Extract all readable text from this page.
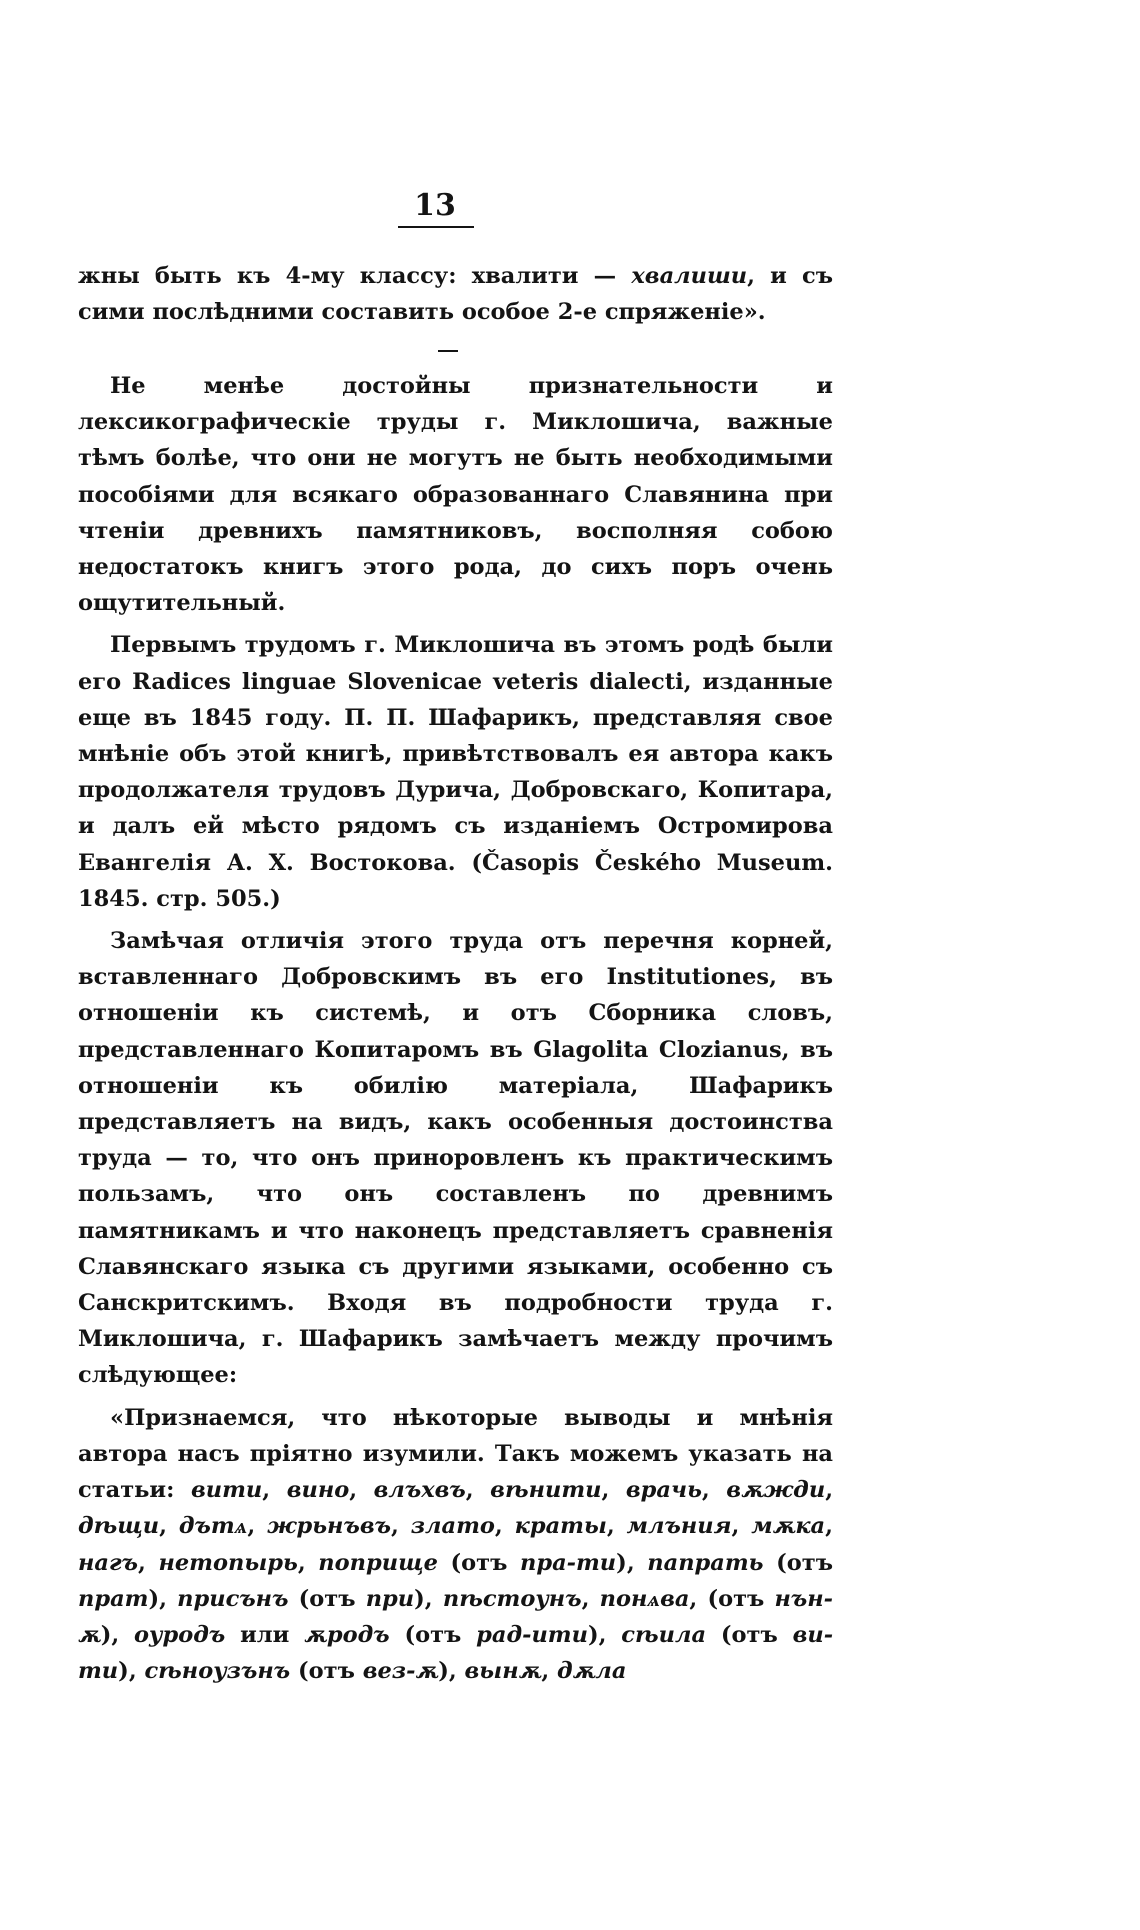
13

жны быть къ 4-му классу: хвалити — хвалиши, и съ сими послѣдними составить особое 2-е спряженіе».

Не менѣе достойны признательности и лексикографическіе труды г. Миклошича, важные тѣмъ болѣе, что они не могутъ не быть необходимыми пособіями для всякаго образованнаго Славянина при чтеніи древнихъ памятниковъ, восполняя собою недостатокъ книгъ этого рода, до сихъ поръ очень ощутительный.

Первымъ трудомъ г. Миклошича въ этомъ родѣ были его Radices linguae Slovenicae veteris dialecti, изданные еще въ 1845 году. П. П. Шафарикъ, представляя свое мнѣніе объ этой книгѣ, привѣтствовалъ ея автора какъ продолжателя трудовъ Дурича, Добровскаго, Копитара, и далъ ей мѣсто рядомъ съ изданіемъ Остромирова Евангелія А. Х. Востокова. (Časopis Českého Museum. 1845. стр. 505.)

Замѣчая отличія этого труда отъ перечня корней, вставленнаго Добровскимъ въ его Institutiones, въ отношеніи къ системѣ, и отъ Сборника словъ, представленнаго Копитаромъ въ Glagolita Clozianus, въ отношеніи къ обилію матеріала, Шафарикъ представляетъ на видъ, какъ особенныя достоинства труда — то, что онъ приноровленъ къ практическимъ пользамъ, что онъ составленъ по древнимъ памятникамъ и что наконецъ представляетъ сравненія Славянскаго языка съ другими языками, особенно съ Санскритскимъ. Входя въ подробности труда г. Миклошича, г. Шафарикъ замѣчаетъ между прочимъ слѣдующее:

«Признаемся, что нѣкоторые выводы и мнѣнія автора насъ пріятно изумили. Такъ можемъ указать на статьи: вити, вино, влъхвъ, вѣнити, врачь, вѫжди, дѣщи, дътѧ, жрьнъвъ, злато, краты, млъния, мѫка, нагъ, нетопырь, поприще (отъ пра-ти), папрать (отъ прат), присънъ (отъ при), пѣстоунъ, понѧва, (отъ нън-ѫ), оуродъ или ѫродъ (отъ рад-ити), сѣила (отъ ви-ти), сѣноузънъ (отъ вез-ѫ), вынѫ, дѫла
